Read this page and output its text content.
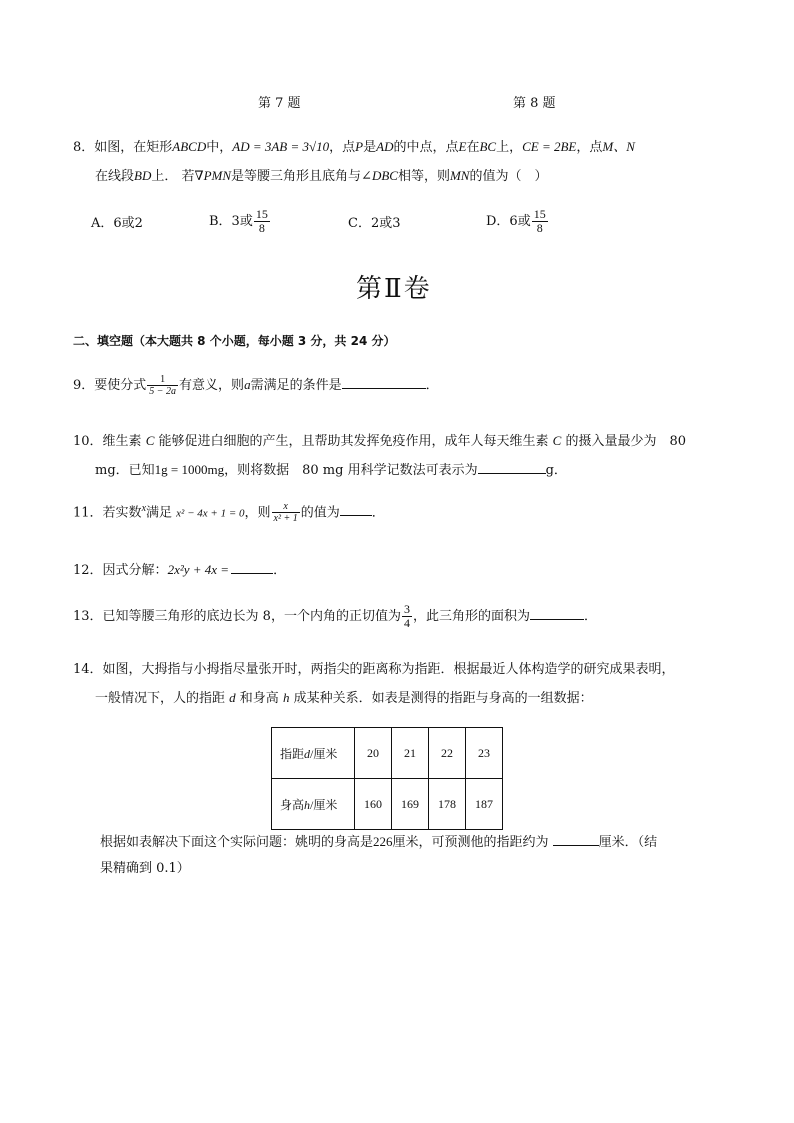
第 7 题	第 8 题
8．如图，在矩形ABCD中，AD = 3AB = 3√10，点P是AD的中点，点E在BC上，CE = 2BE，点M、N
在线段BD上． 若∇PMN是等腰三角形且底角与∠DBC相等，则MN的值为（　）
A．6或2	B．3或 $\frac{15}{8}$	C．2或3	D．6或 $\frac{15}{8}$
第Ⅱ卷
二、填空题（本大题共 8 个小题，每小题 3 分，共 24 分）
9．要使分式 $\frac{1}{5 - 2a}$ 有意义，则a需满足的条件是	．
10．维生素 C 能够促进白细胞的产生，且帮助其发挥免疫作用，成年人每天维生素 C 的摄入量最少为　80
mg．已知1g = 1000mg，则将数据　80 mg 用科学记数法可表示为	g．
11．若实数$^x$满足 x² − 4x + 1 = 0，则 $\frac{x}{\text{x² + 1}}$ 的值为 ．
12．因式分解：2x²y + 4x =	．
13．已知等腰三角形的底边长为 8，一个内角的正切值为 $\frac{3}{4}$ ，此三角形的面积为	．
14．如图，大拇指与小拇指尽量张开时，两指尖的距离称为指距．根据最近人体构造学的研究成果表明，
一般情况下，人的指距 d 和身高 h 成某种关系．如表是测得的指距与身高的一组数据：
指距d/厘米	20	21	22	23
身高h/厘米	160	169	178	187
根据如表解决下面这个实际问题：姚明的身高是226厘米，可预测他的指距约为	厘米．（结
果精确到 0.1）
